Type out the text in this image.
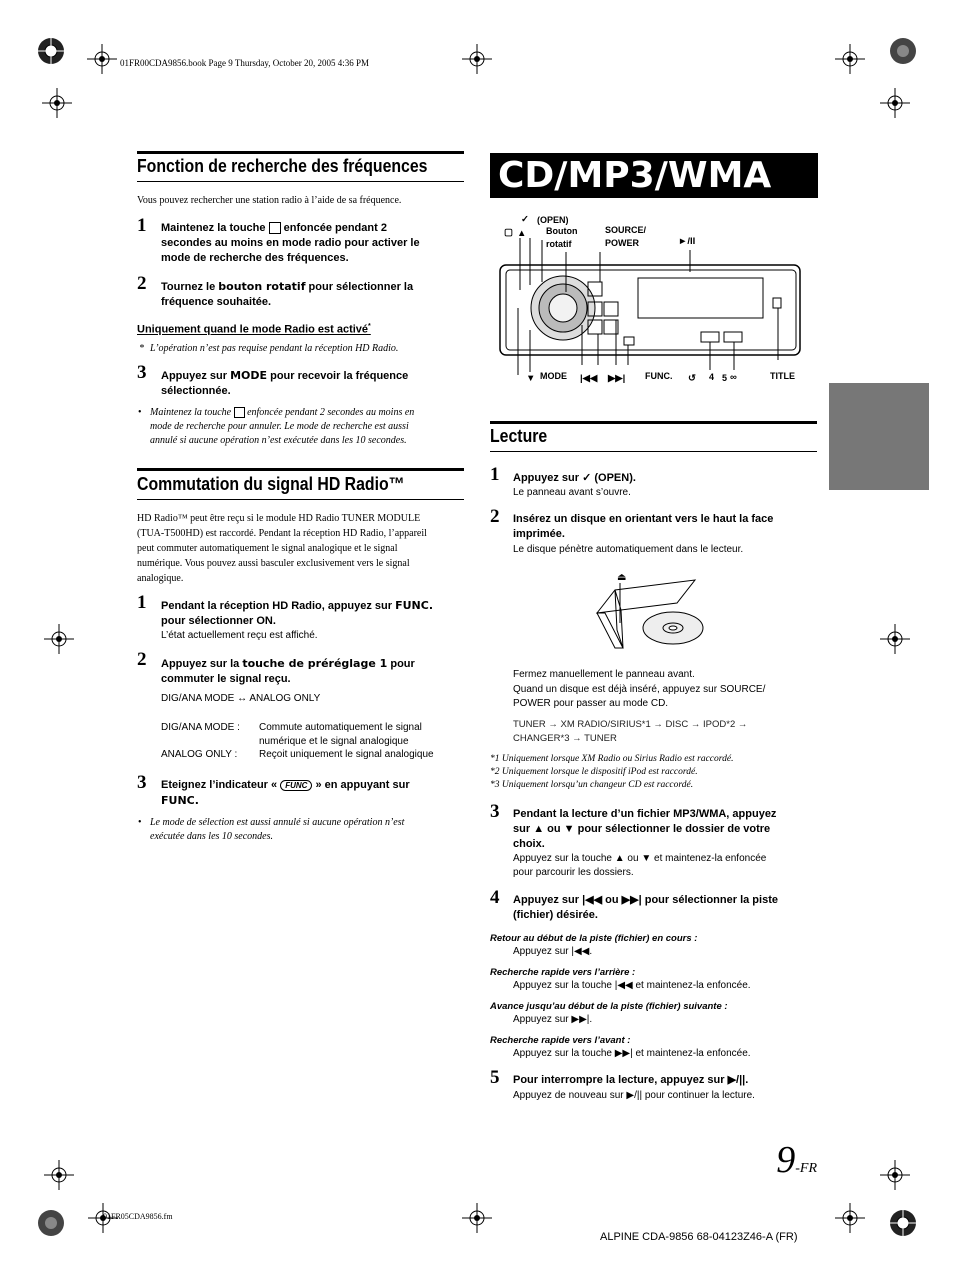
01FR00CDA9856.book Page 9 Thursday, October 20, 2005 4:36 PM
Fonction de recherche des fréquences
Vous pouvez rechercher une station radio à l’aide de sa fréquence.
1 Maintenez la touche enfoncée pendant 2
secondes au moins en mode radio pour activer le
mode de recherche des fréquences.
2 Tournez le bouton rotatif pour sélectionner la
fréquence souhaitée.
Uniquement quand le mode Radio est activé*
* L’opération n’est pas requise pendant la réception HD Radio.
3 Appuyez sur MODE pour recevoir la fréquence
sélectionnée.
• Maintenez la touche enfoncée pendant 2 secondes au moins en
mode de recherche pour annuler. Le mode de recherche est aussi
annulé si aucune opération n’est exécutée dans les 10 secondes.
Commutation du signal HD Radio™
HD Radio™ peut être reçu si le module HD Radio TUNER MODULE
(TUA-T500HD) est raccordé. Pendant la réception HD Radio, l’appareil
peut commuter automatiquement le signal analogique et le signal
numérique. Vous pouvez aussi basculer exclusivement vers le signal
analogique.
1 Pendant la réception HD Radio, appuyez sur FUNC.
pour sélectionner ON.
L’état actuellement reçu est affiché.
2 Appuyez sur la touche de préréglage 1 pour
commuter le signal reçu.
DIG/ANA MODE ↔ ANALOG ONLY
DIG/ANA MODE : Commute automatiquement le signal
numérique et le signal analogique
ANALOG ONLY : Reçoit uniquement le signal analogique
3 Eteignez l’indicateur « FUNC » en appuyant sur
FUNC.
• Le mode de sélection est aussi annulé si aucune opération n’est
exécutée dans les 10 secondes.
CD/MP3/WMA
▢ ▲
✓ (OPEN)
Bouton
rotatif
SOURCE/
POWER	►/II
▼ MODE |◀◀ ▶▶| FUNC. ↺ 4 5 ∞	TITLE
Lecture
1 Appuyez sur ✓ (OPEN).
Le panneau avant s’ouvre.
2 Insérez un disque en orientant vers le haut la face
imprimée.
Le disque pénètre automatiquement dans le lecteur.
⏏
Fermez manuellement le panneau avant.
Quand un disque est déjà inséré, appuyez sur SOURCE/
POWER pour passer au mode CD.
TUNER → XM RADIO/SIRIUS*1 → DISC → IPOD*2 →
CHANGER*3 → TUNER
*1 Uniquement lorsque XM Radio ou Sirius Radio est raccordé.
*2 Uniquement lorsque le dispositif iPod est raccordé.
*3 Uniquement lorsqu’un changeur CD est raccordé.
3 Pendant la lecture d’un fichier MP3/WMA, appuyez
sur ▲ ou ▼ pour sélectionner le dossier de votre
choix.
Appuyez sur la touche ▲ ou ▼ et maintenez-la enfoncée
pour parcourir les dossiers.
4 Appuyez sur |◀◀ ou ▶▶| pour sélectionner la piste
(fichier) désirée.
Retour au début de la piste (fichier) en cours :
Appuyez sur |◀◀.
Recherche rapide vers l’arrière :
Appuyez sur la touche |◀◀ et maintenez-la enfoncée.
Avance jusqu’au début de la piste (fichier) suivante :
Appuyez sur ▶▶|.
Recherche rapide vers l’avant :
Appuyez sur la touche ▶▶| et maintenez-la enfoncée.
5 Pour interrompre la lecture, appuyez sur ▶/||.
Appuyez de nouveau sur ▶/|| pour continuer la lecture.
9-FR
01FR05CDA9856.fm
ALPINE CDA-9856 68-04123Z46-A (FR)
